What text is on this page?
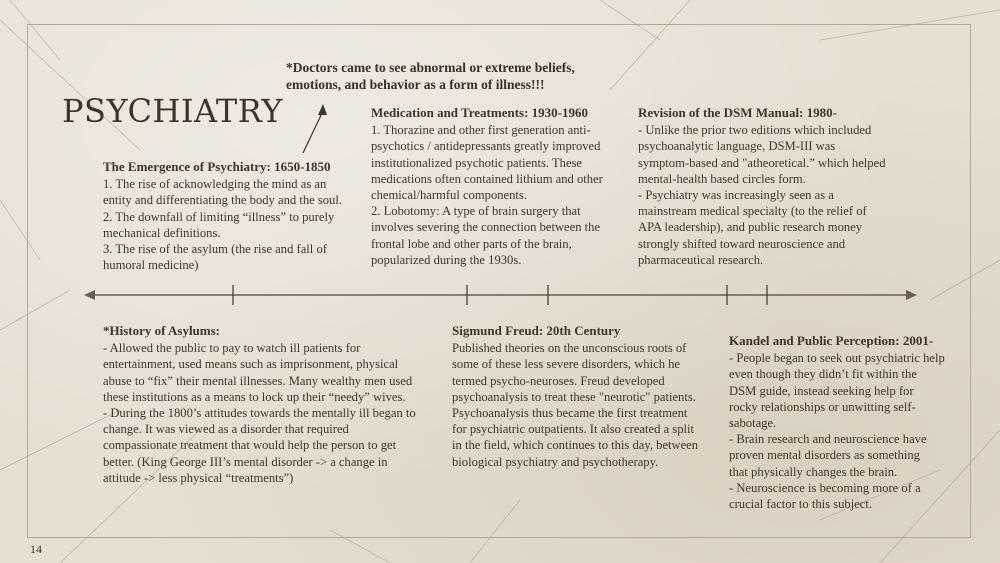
PSYCHIATRY
*Doctors came to see abnormal or extreme beliefs,
emotions, and behavior as a form of illness!!!
The Emergence of Psychiatry: 1650-1850
1. The rise of acknowledging the mind as an
entity and differentiating the body and the soul.
2. The downfall of limiting “illness” to purely
mechanical definitions.
3. The rise of the asylum (the rise and fall of
humoral medicine)
Medication and Treatments: 1930-1960
1. Thorazine and other first generation anti-
psychotics / antidepressants greatly improved
institutionalized psychotic patients. These
medications often contained lithium and other
chemical/harmful components.
2. Lobotomy: A type of brain surgery that
involves severing the connection between the
frontal lobe and other parts of the brain,
popularized during the 1930s.
Revision of the DSM Manual: 1980-
- Unlike the prior two editions which included
psychoanalytic language, DSM-III was
symptom-based and "atheoretical.” which helped
mental-health based circles form.
- Psychiatry was increasingly seen as a
mainstream medical specialty (to the relief of
APA leadership), and public research money
strongly shifted toward neuroscience and
pharmaceutical research.
*History of Asylums:
- Allowed the public to pay to watch ill patients for
entertainment, used means such as imprisonment, physical
abuse to “fix” their mental illnesses. Many wealthy men used
these institutions as a means to lock up their “needy” wives.
- During the 1800’s attitudes towards the mentally ill began to
change. It was viewed as a disorder that required
compassionate treatment that would help the person to get
better. (King George III’s mental disorder -> a change in
attitude -> less physical “treatments”)
Sigmund Freud: 20th Century
Published theories on the unconscious roots of
some of these less severe disorders, which he
termed psycho-neuroses. Freud developed
psychoanalysis to treat these "neurotic" patients.
Psychoanalysis thus became the first treatment
for psychiatric outpatients. It also created a split
in the field, which continues to this day, between
biological psychiatry and psychotherapy.
Kandel and Public Perception: 2001-
- People began to seek out psychiatric help
even though they didn’t fit within the
DSM guide, instead seeking help for
rocky relationships or unwitting self-
sabotage.
- Brain research and neuroscience have
proven mental disorders as something
that physically changes the brain.
- Neuroscience is becoming more of a
crucial factor to this subject.
14
